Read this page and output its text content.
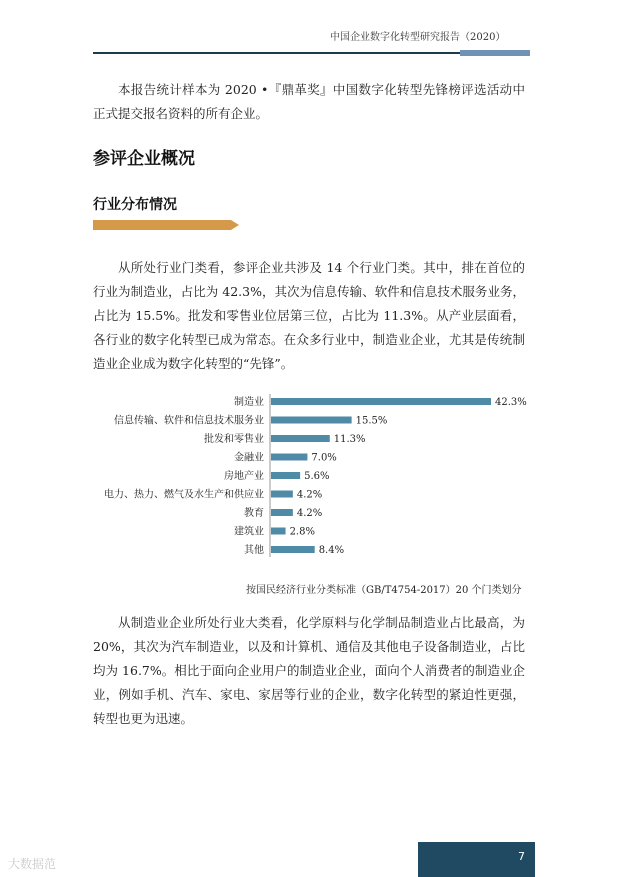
中国企业数字化转型研究报告（2020）

本报告统计样本为 2020 •『鼎革奖』中国数字化转型先锋榜评选活动中正式提交报名资料的所有企业。

参评企业概况
行业分布情况

从所处行业门类看，参评企业共涉及 14 个行业门类。其中，排在首位的行业为制造业，占比为 42.3%，其次为信息传输、软件和信息技术服务业务，占比为 15.5%。批发和零售业位居第三位，占比为 11.3%。从产业层面看，各行业的数字化转型已成为常态。在众多行业中，制造业企业，尤其是传统制造业企业成为数字化转型的“先锋”。

制造业	42.3%
信息传输、软件和信息技术服务业	15.5%
批发和零售业	11.3%
金融业	7.0%
房地产业	5.6%
电力、热力、燃气及水生产和供应业	4.2%
教育	4.2%
建筑业	2.8%
其他	8.4%
按国民经济行业分类标准（GB/T4754-2017）20 个门类划分

从制造业企业所处行业大类看，化学原料与化学制品制造业占比最高，为 20%，其次为汽车制造业，以及和计算机、通信及其他电子设备制造业，占比均为 16.7%。相比于面向企业用户的制造业企业，面向个人消费者的制造业企业，例如手机、汽车、家电、家居等行业的企业，数字化转型的紧迫性更强，转型也更为迅速。

7
大数据范
